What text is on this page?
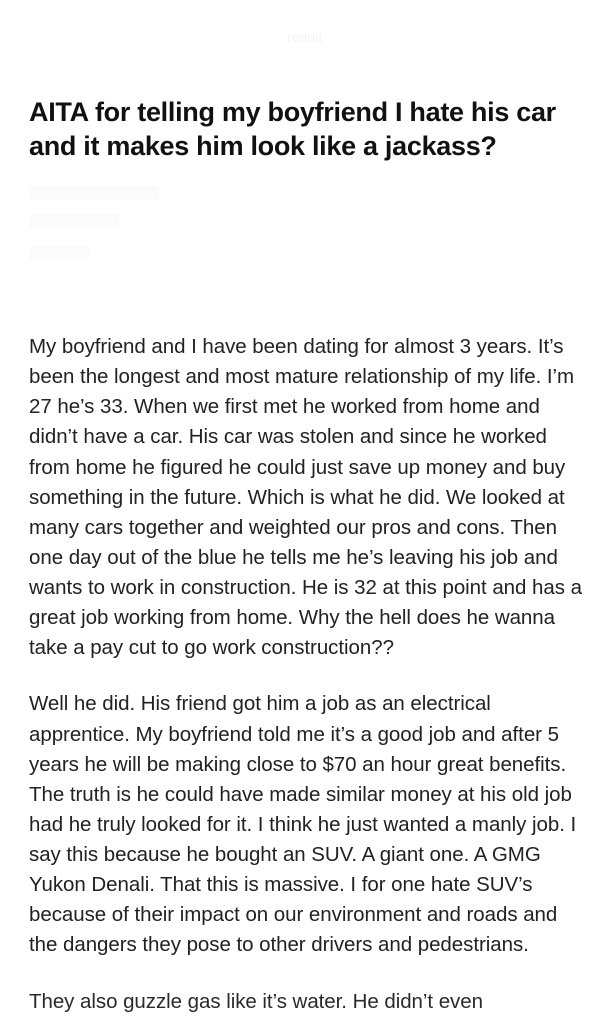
reddit
AITA for telling my boyfriend I hate his car and it makes him look like a jackass?

My boyfriend and I have been dating for almost 3 years. It’s been the longest and most mature relationship of my life. I’m 27 he’s 33. When we first met he worked from home and didn’t have a car. His car was stolen and since he worked from home he figured he could just save up money and buy something in the future. Which is what he did. We looked at many cars together and weighted our pros and cons. Then one day out of the blue he tells me he’s leaving his job and wants to work in construction. He is 32 at this point and has a great job working from home. Why the hell does he wanna take a pay cut to go work construction??

Well he did. His friend got him a job as an electrical apprentice. My boyfriend told me it’s a good job and after 5 years he will be making close to $70 an hour great benefits. The truth is he could have made similar money at his old job had he truly looked for it. I think he just wanted a manly job. I say this because he bought an SUV. A giant one. A GMG Yukon Denali. That this is massive. I for one hate SUV’s because of their impact on our environment and roads and the dangers they pose to other drivers and pedestrians.

They also guzzle gas like it’s water. He didn’t even
